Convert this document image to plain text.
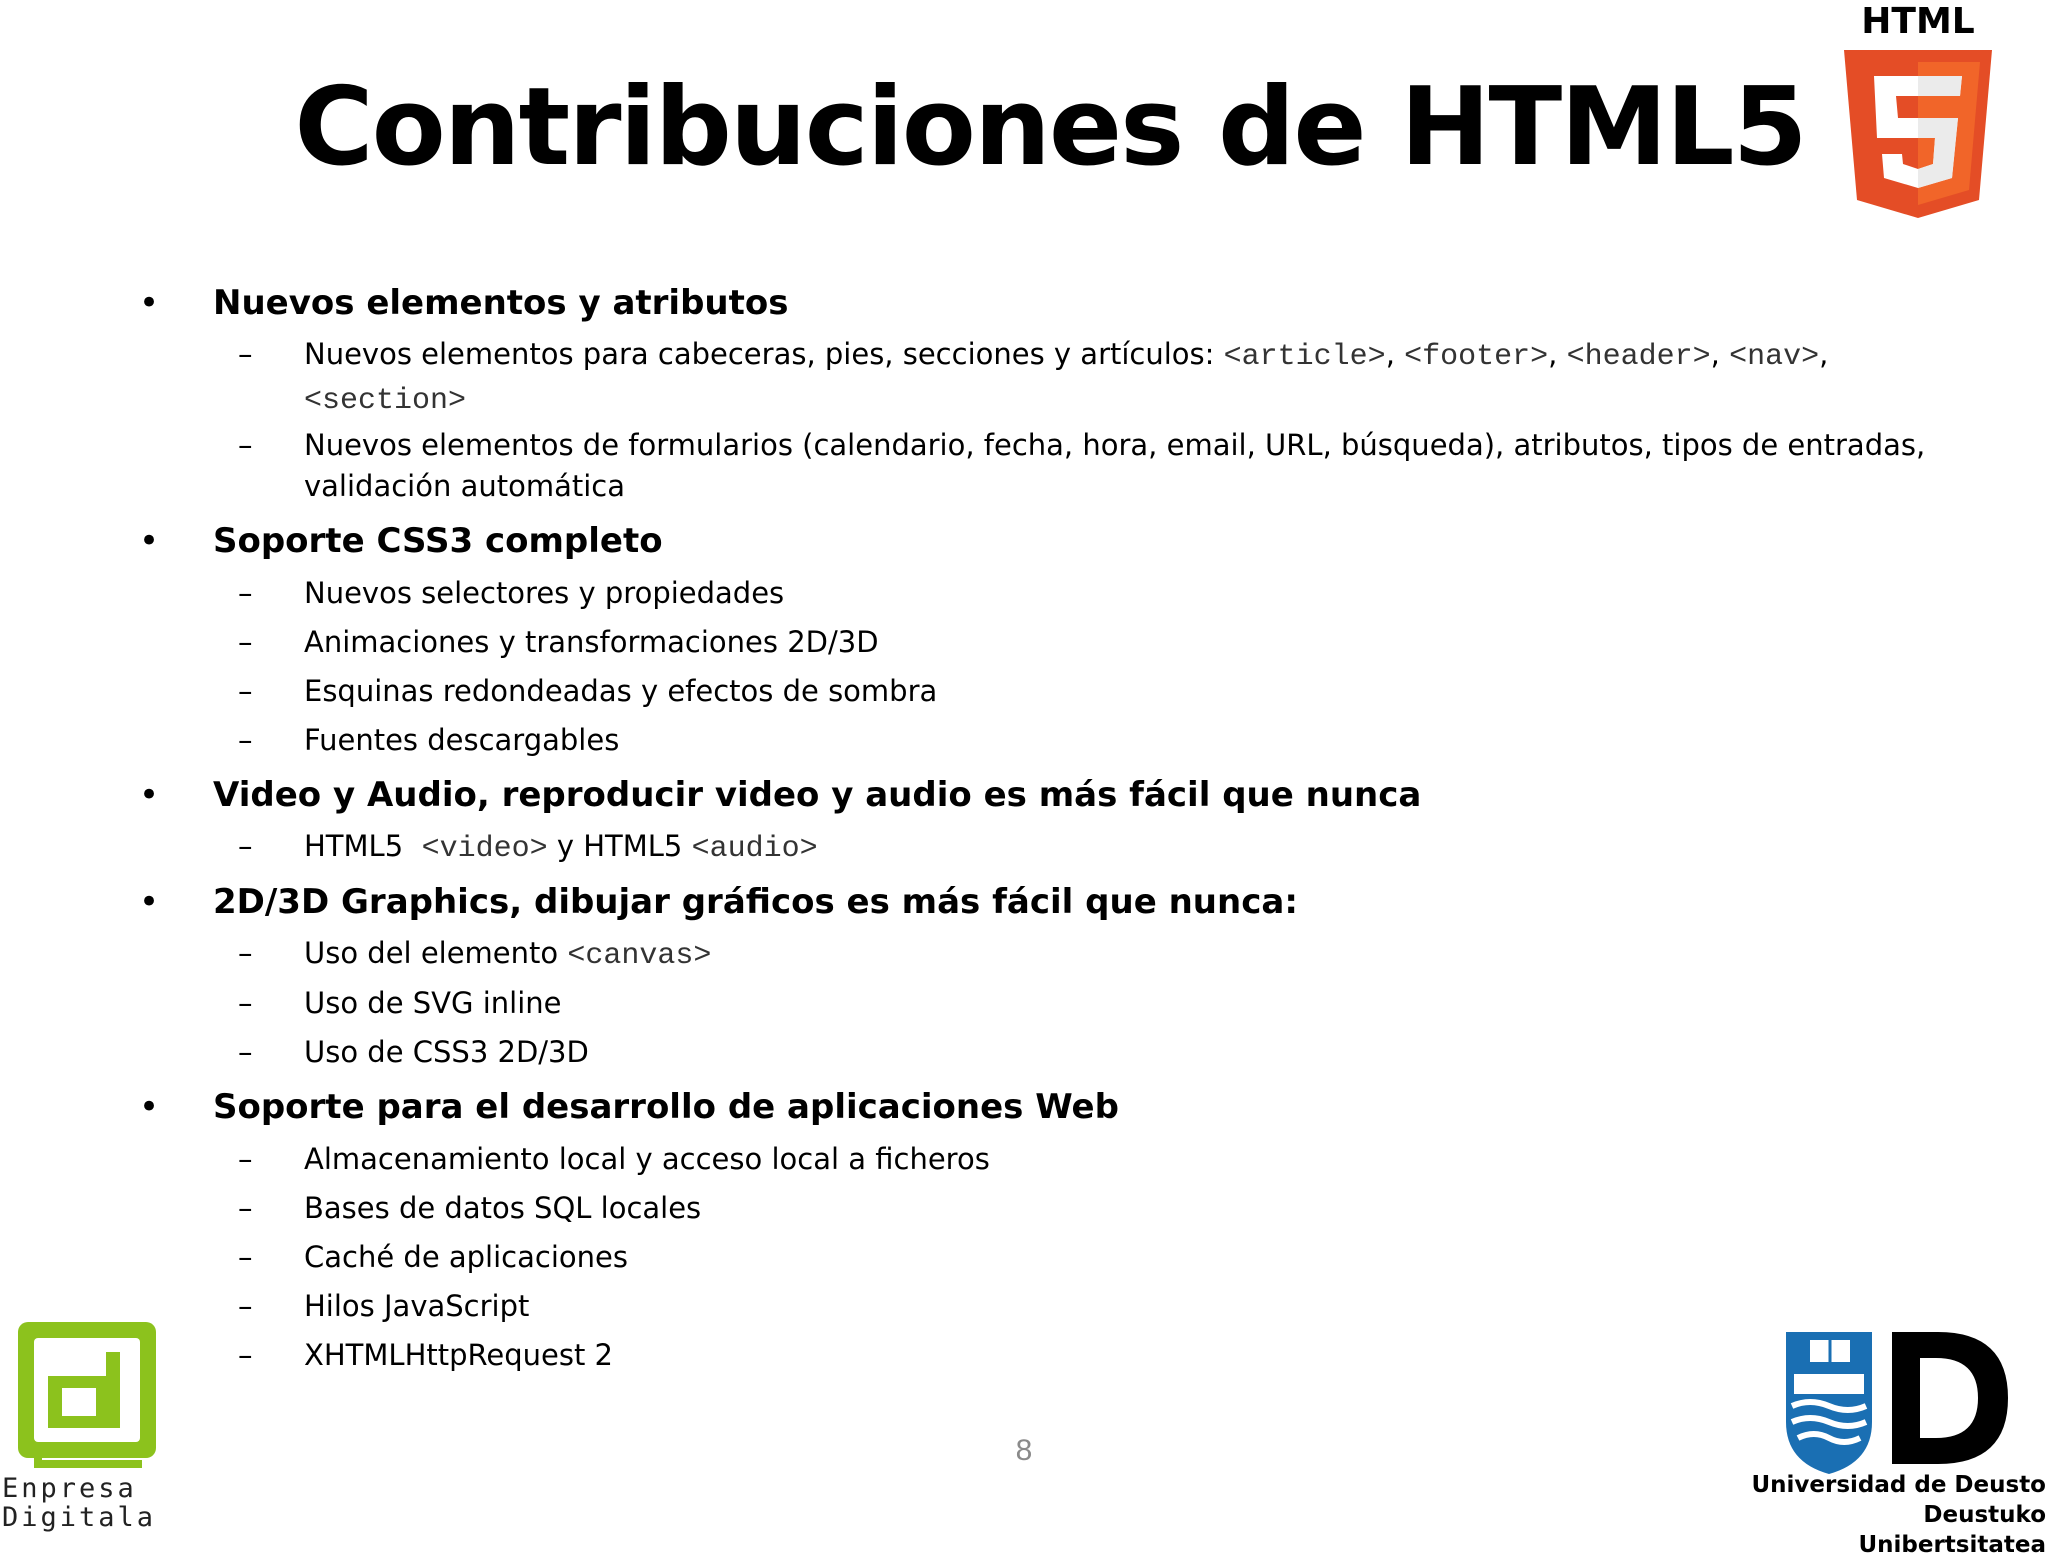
Contribuciones de HTML5
HTML
5
• Nuevos elementos y atributos
– Nuevos elementos para cabeceras, pies, secciones y artículos: <article>, <footer>, <header>, <nav>,
<section>
– Nuevos elementos de formularios (calendario, fecha, hora, email, URL, búsqueda), atributos, tipos de entradas, validación automática
• Soporte CSS3 completo
– Nuevos selectores y propiedades
– Animaciones y transformaciones 2D/3D
– Esquinas redondeadas y efectos de sombra
– Fuentes descargables
• Video y Audio, reproducir video y audio es más fácil que nunca
– HTML5 <video> y HTML5 <audio>
• 2D/3D Graphics, dibujar gráficos es más fácil que nunca:
– Uso del elemento <canvas>
– Uso de SVG inline
– Uso de CSS3 2D/3D
• Soporte para el desarrollo de aplicaciones Web
– Almacenamiento local y acceso local a ficheros
– Bases de datos SQL locales
– Caché de aplicaciones
– Hilos JavaScript
– XHTMLHttpRequest 2
8
Enpresa
Digitala
Universidad de Deusto
Deustuko Unibertsitatea
